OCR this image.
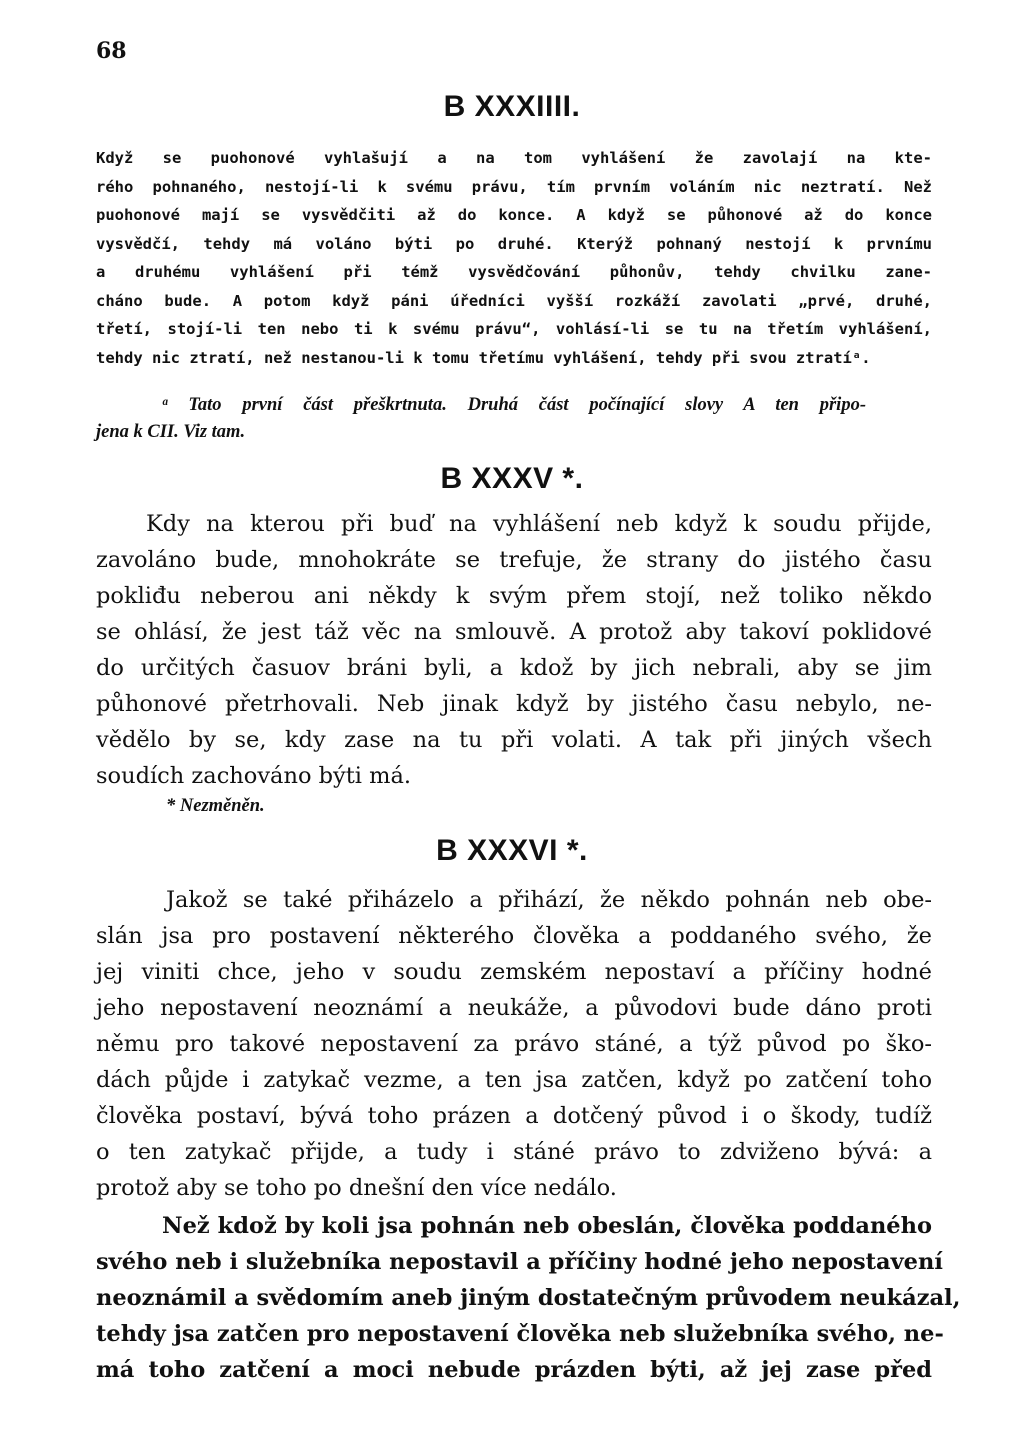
68
B XXXIIII.
Když se puohonové vyhlašují a na tom vyhlášení že zavolají na kte-
rého pohnaného, nestojí-li k svému právu, tím prvním voláním nic neztratí. Než
puohonové mají se vysvědčiti až do konce. A když se půhonové až do konce
vysvědčí, tehdy má voláno býti po druhé. Kterýž pohnaný nestojí k prvnímu
a druhému vyhlášení při témž vysvědčování půhonův, tehdy chvilku zane-
cháno bude. A potom když páni úředníci vyšší rozkáží zavolati „prvé, druhé,
třetí, stojí-li ten nebo ti k svému právu“, vohlásí-li se tu na třetím vyhlášení,
tehdy nic ztratí, než nestanou-li k tomu třetímu vyhlášení, tehdy při svou ztratíᵃ.
ᵃ Tato první část přeškrtnuta. Druhá část počínající slovy A ten připo-
jena k CII. Viz tam.
B XXXV *.
Kdy na kterou při buď na vyhlášení neb když k soudu přijde,
zavoláno bude, mnohokráte se trefuje, že strany do jistého času
pokliđu neberou ani někdy k svým přem stojí, než toliko někdo
se ohlásí, že jest táž věc na smlouvě. A protož aby takoví poklidové
do určitých časuov bráni byli, a kdož by jich nebrali, aby se jim
půhonové přetrhovali. Neb jinak když by jistého času nebylo, ne-
vědělo by se, kdy zase na tu při volati. A tak při jiných všech
soudích zachováno býti má.

* Nezměněn.

B XXXVI *.
Jakož se také přiházelo a přihází, že někdo pohnán neb obe-
slán jsa pro postavení některého člověka a poddaného svého, že
jej viniti chce, jeho v soudu zemském nepostaví a příčiny hodné
jeho nepostavení neoznámí a neukáže, a původovi bude dáno proti
němu pro takové nepostavení za právo stáné, a týž původ po ško-
dách půjde i zatykač vezme, a ten jsa zatčen, když po zatčení toho
člověka postaví, bývá toho prázen a dotčený původ i o škody, tudíž
o ten zatykač přijde, a tudy i stáné právo to zdviženo bývá: a
protož aby se toho po dnešní den více nedálo.
Než kdož by koli jsa pohnán neb obeslán, člověka poddaného
svého neb i služebníka nepostavil a příčiny hodné jeho nepostavení
neoznámil a svědomím aneb jiným dostatečným průvodem neukázal,
tehdy jsa zatčen pro nepostavení člověka neb služebníka svého, ne-
má toho zatčení a moci nebude prázden býti, až jej zase před
